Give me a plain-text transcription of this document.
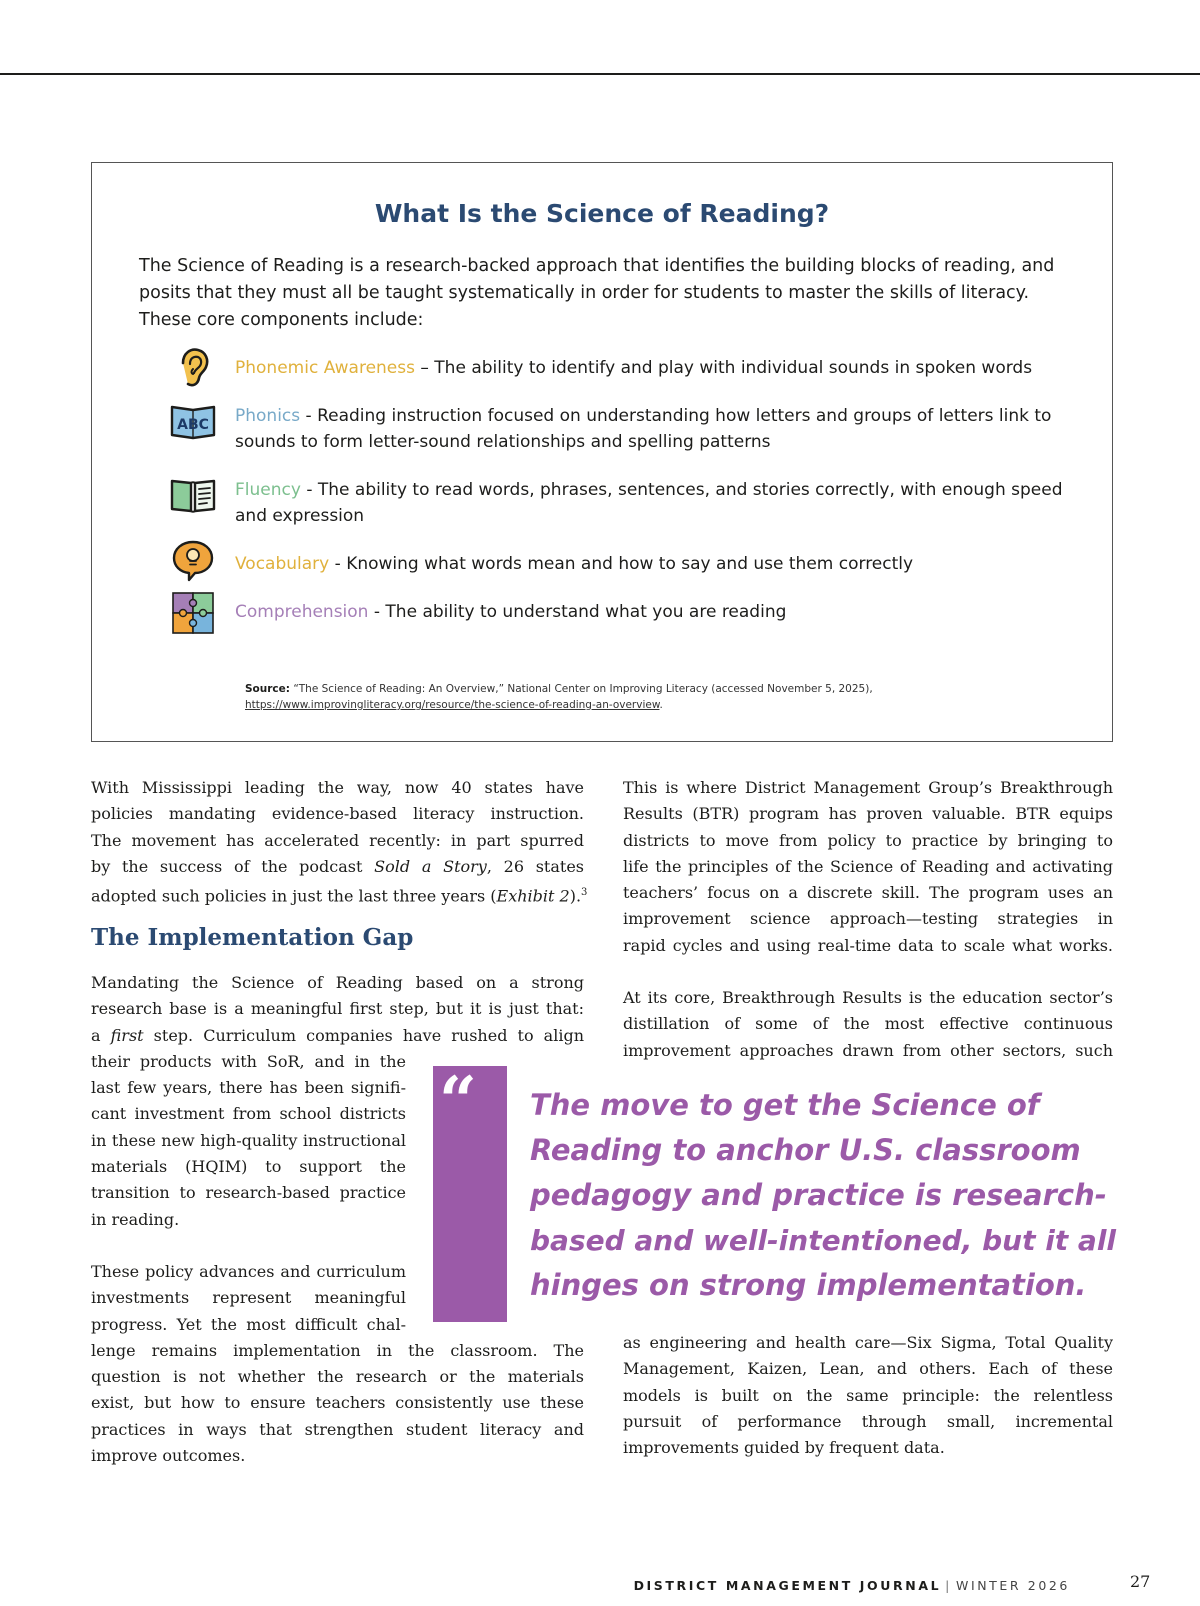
What Is the Science of Reading?
The Science of Reading is a research-backed approach that identifies the building blocks of reading, and posits that they must all be taught systematically in order for students to master the skills of literacy. These core components include:
Phonemic Awareness – The ability to identify and play with individual sounds in spoken words
ABC Phonics - Reading instruction focused on understanding how letters and groups of letters link to sounds to form letter-sound relationships and spelling patterns
Fluency - The ability to read words, phrases, sentences, and stories correctly, with enough speed and expression
Vocabulary - Knowing what words mean and how to say and use them correctly
Comprehension - The ability to understand what you are reading
Source: “The Science of Reading: An Overview,” National Center on Improving Literacy (accessed November 5, 2025),
https://www.improvingliteracy.org/resource/the-science-of-reading-an-overview.
With Mississippi leading the way, now 40 states have
policies mandating evidence-based literacy instruction.
The movement has accelerated recently: in part spurred
by the success of the podcast Sold a Story, 26 states
adopted such policies in just the last three years (Exhibit 2).$^3$
The Implementation Gap
Mandating the Science of Reading based on a strong
research base is a meaningful first step, but it is just that:
a first step. Curriculum companies have rushed to align
their products with SoR, and in the
last few years, there has been signifi-
cant investment from school districts
in these new high-quality instructional
materials (HQIM) to support the
transition to research-based practice
in reading.
These policy advances and curriculum
investments represent meaningful
progress. Yet the most difficult chal-
lenge remains implementation in the classroom. The
question is not whether the research or the materials
exist, but how to ensure teachers consistently use these
practices in ways that strengthen student literacy and
improve outcomes.
This is where District Management Group’s Breakthrough
Results (BTR) program has proven valuable. BTR equips
districts to move from policy to practice by bringing to
life the principles of the Science of Reading and activating
teachers’ focus on a discrete skill. The program uses an
improvement science approach—testing strategies in
rapid cycles and using real-time data to scale what works.
At its core, Breakthrough Results is the education sector’s
distillation of some of the most effective continuous
improvement approaches drawn from other sectors, such
“ The move to get the Science of
Reading to anchor U.S. classroom
pedagogy and practice is research-
based and well-intentioned, but it all
hinges on strong implementation.
as engineering and health care—Six Sigma, Total Quality
Management, Kaizen, Lean, and others. Each of these
models is built on the same principle: the relentless
pursuit of performance through small, incremental
improvements guided by frequent data.
DISTRICT MANAGEMENT JOURNAL | WINTER 2026	27
